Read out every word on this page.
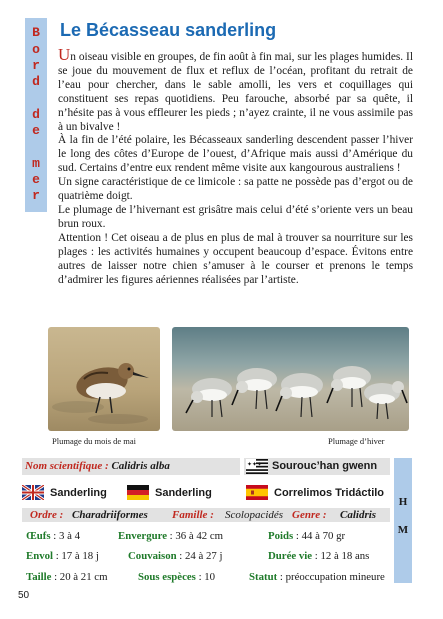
B
o
r
d
d
e
m
e
r
Le Bécasseau sanderling

Un oiseau visible en groupes, de fin août à fin mai, sur les plages humides. Il se joue du mouvement de flux et reflux de l’océan, profitant du retrait de l’eau pour chercher, dans le sable amolli, les vers et coquillages qui constituent ses repas quotidiens. Peu farouche, absorbé par sa quête, il n’hésite pas à vous effleurer les pieds ; n’ayez crainte, il ne vous assimile pas à un bivalve !

À la fin de l’été polaire, les Bécasseaux sanderling descendent passer l’hiver le long des côtes d’Europe de l’ouest, d’Afrique mais aussi d’Amérique du sud. Certains d’entre eux rendent même visite aux kangourous australiens !

Un signe caractéristique de ce limicole : sa patte ne possède pas d’ergot ou de quatrième doigt.

Le plumage de l’hivernant est grisâtre mais celui d’été s’oriente vers un beau brun roux.

Attention ! Cet oiseau a de plus en plus de mal à trouver sa nourriture sur les plages : les activités humaines y occupent beaucoup d’espace. Évitons entre autres de laisser notre chien s’amuser à le courser et prenons le temps d’admirer les figures aériennes réalisées par l’artiste.

Plumage du mois de mai	Plumage d’hiver
Nom scientifique : Calidris alba	✦✦✦ Sourouc’han gwenn
H
M
Sanderling	Sanderling	Correlimos Tridáctilo
Ordre : Charadriiformes Famille : Scolopacidés Genre : Calidris
Œufs : 3 à 4	Envergure : 36 à 42 cm	Poids : 44 à 70 gr
Envol : 17 à 18 j	Couvaison : 24 à 27 j	Durée vie : 12 à 18 ans
Taille : 20 à 21 cm	Sous espèces : 10	Statut : préoccupation mineure
50
